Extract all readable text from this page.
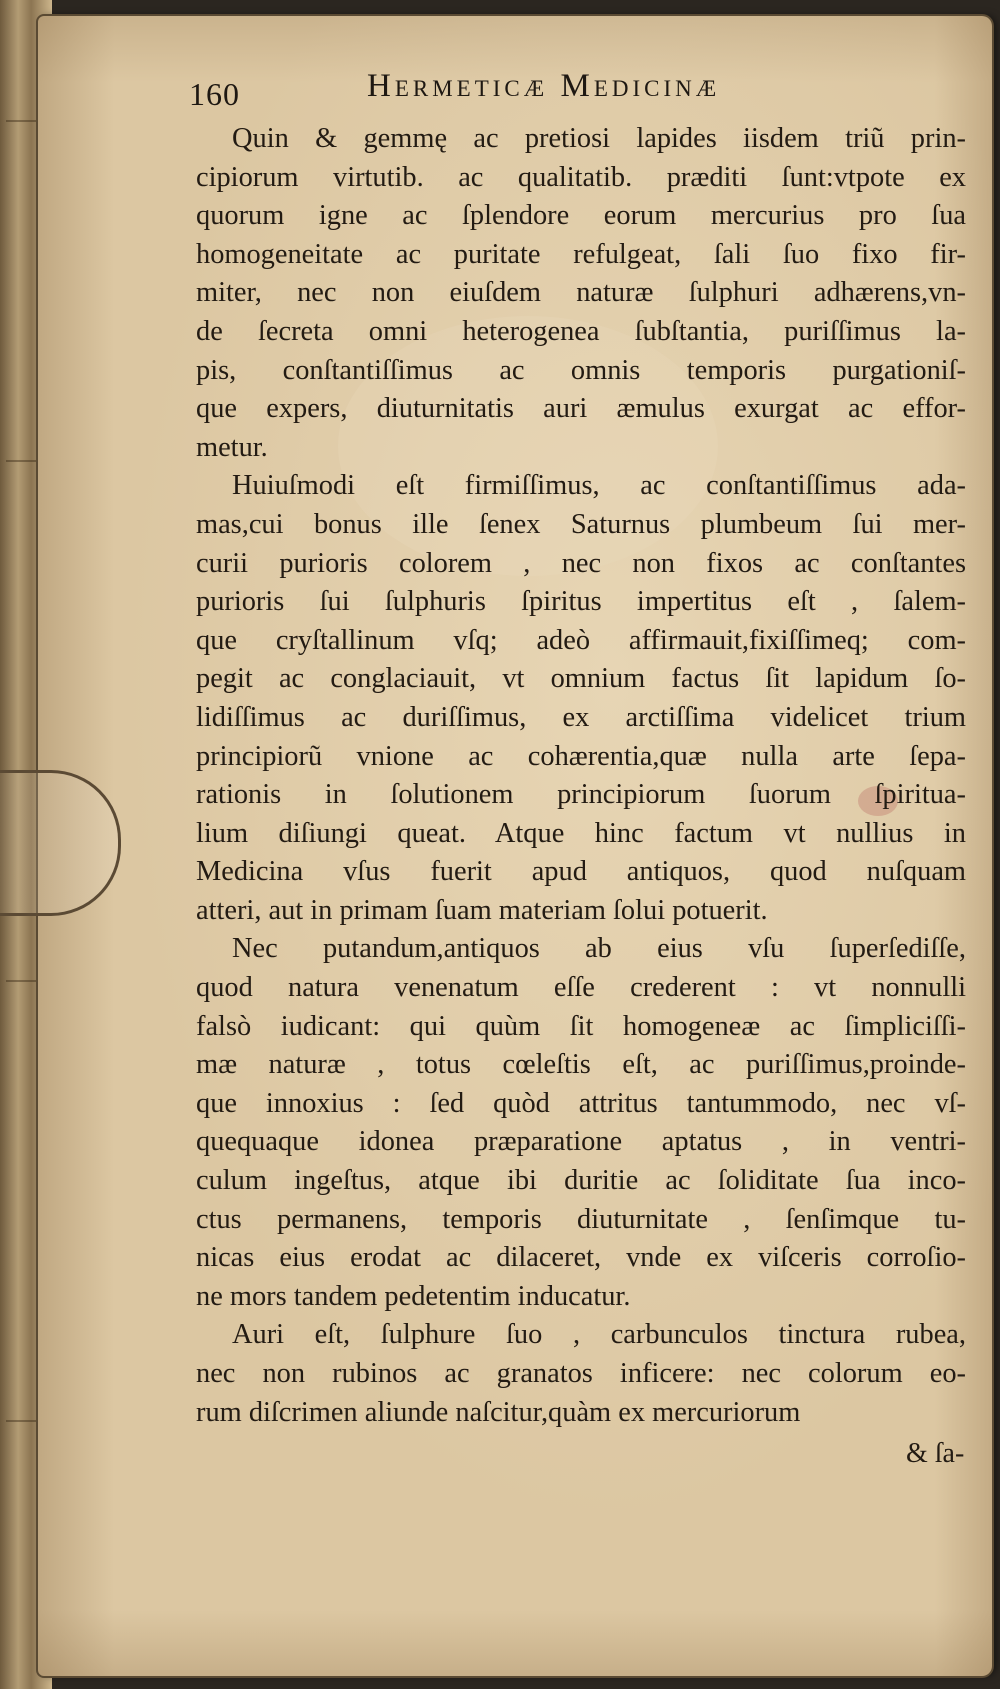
160	Hermeticæ Medicinæ
Quin & gemmę ac pretiosi lapides iisdem triũ prin-
cipiorum virtutib. ac qualitatib. præditi ſunt:vtpote ex
quorum igne ac ſplendore eorum mercurius pro ſua
homogeneitate ac puritate refulgeat, ſali ſuo fixo fir-
miter, nec non eiuſdem naturæ ſulphuri adhærens,vn-
de ſecreta omni heterogenea ſubſtantia, puriſſimus la-
pis, conſtantiſſimus ac omnis temporis purgationiſ-
que expers, diuturnitatis auri æmulus exurgat ac effor-
metur.
Huiuſmodi eſt firmiſſimus, ac conſtantiſſimus ada-
mas,cui bonus ille ſenex Saturnus plumbeum ſui mer-
curii purioris colorem , nec non fixos ac conſtantes
purioris ſui ſulphuris ſpiritus impertitus eſt , ſalem-
que cryſtallinum vſq; adeò affirmauit,fixiſſimeq; com-
pegit ac conglaciauit, vt omnium factus ſit lapidum ſo-
lidiſſimus ac duriſſimus, ex arctiſſima videlicet trium
principiorũ vnione ac cohærentia,quæ nulla arte ſepa-
rationis in ſolutionem principiorum ſuorum ſpiritua-
lium diſiungi queat. Atque hinc factum vt nullius in
Medicina vſus fuerit apud antiquos, quod nuſquam
atteri, aut in primam ſuam materiam ſolui potuerit.
Nec putandum,antiquos ab eius vſu ſuperſediſſe,
quod natura venenatum eſſe crederent : vt nonnulli
falsò iudicant: qui quùm ſit homogeneæ ac ſimpliciſſi-
mæ naturæ , totus cœleſtis eſt, ac puriſſimus,proinde-
que innoxius : ſed quòd attritus tantummodo, nec vſ-
quequaque idonea præparatione aptatus , in ventri-
culum ingeſtus, atque ibi duritie ac ſoliditate ſua inco-
ctus permanens, temporis diuturnitate , ſenſimque tu-
nicas eius erodat ac dilaceret, vnde ex viſceris corroſio-
ne mors tandem pedetentim inducatur.
Auri eſt, ſulphure ſuo , carbunculos tinctura rubea,
nec non rubinos ac granatos inficere: nec colorum eo-
rum diſcrimen aliunde naſcitur,quàm ex mercuriorum
& ſa-
